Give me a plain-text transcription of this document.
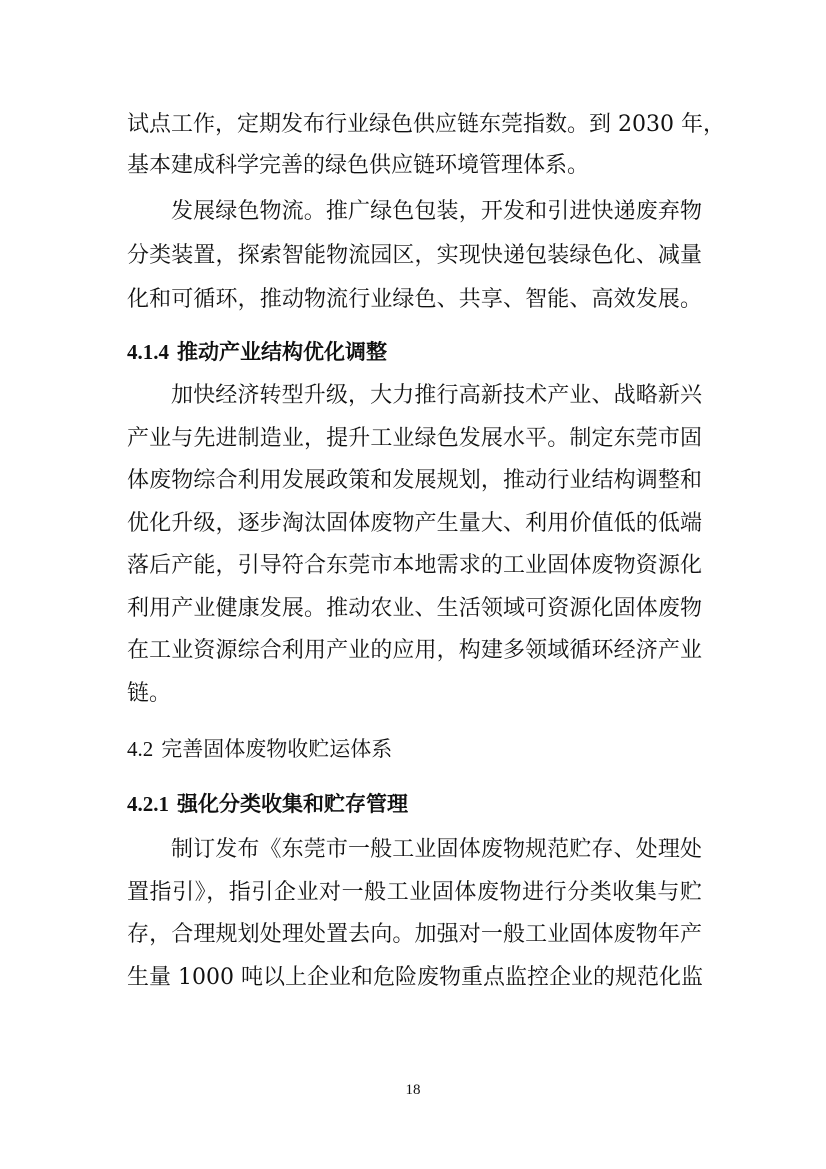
试点工作，定期发布行业绿色供应链东莞指数。到 2030 年，
基本建成科学完善的绿色供应链环境管理体系。
发展绿色物流。推广绿色包装，开发和引进快递废弃物
分类装置，探索智能物流园区，实现快递包装绿色化、减量
化和可循环，推动物流行业绿色、共享、智能、高效发展。
4.1.4 推动产业结构优化调整
加快经济转型升级，大力推行高新技术产业、战略新兴
产业与先进制造业，提升工业绿色发展水平。制定东莞市固
体废物综合利用发展政策和发展规划，推动行业结构调整和
优化升级，逐步淘汰固体废物产生量大、利用价值低的低端
落后产能，引导符合东莞市本地需求的工业固体废物资源化
利用产业健康发展。推动农业、生活领域可资源化固体废物
在工业资源综合利用产业的应用，构建多领域循环经济产业
链。
4.2 完善固体废物收贮运体系
4.2.1 强化分类收集和贮存管理
制订发布《东莞市一般工业固体废物规范贮存、处理处
置指引》，指引企业对一般工业固体废物进行分类收集与贮
存，合理规划处理处置去向。加强对一般工业固体废物年产
生量 1000 吨以上企业和危险废物重点监控企业的规范化监
18
